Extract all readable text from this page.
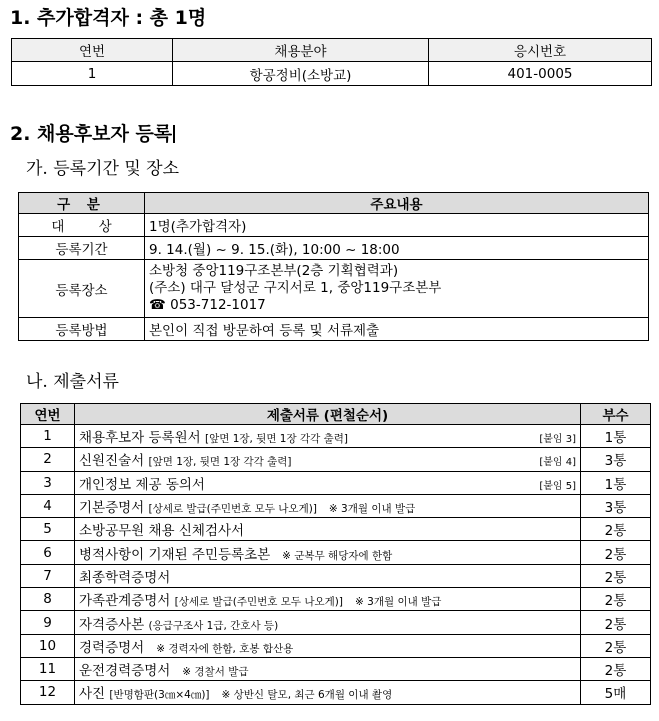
1. 추가합격자 : 총 1명
연번	채용분야	응시번호
1	항공정비(소방교)	401-0005
2. 채용후보자 등록
가. 등록기간 및 장소
구 분	주요내용
대 상	1명(추가합격자)
등록기간	9. 14.(월) ~ 9. 15.(화), 10:00 ~ 18:00
등록장소	소방청 중앙119구조본부(2층 기획협력과)
(주소) 대구 달성군 구지서로 1, 중앙119구조본부
☎ 053-712-1017

등록방법	본인이 직접 방문하여 등록 및 서류제출
나. 제출서류
연번	제출서류 (편철순서)	부수
1	채용후보자 등록원서 [앞면 1장, 뒷면 1장 각각 출력] [붙임 3]	1통
2	신원진술서 [앞면 1장, 뒷면 1장 각각 출력] [붙임 4]	3통
3	개인정보 제공 동의서 [붙임 5]	1통
4	기본증명서 [상세로 발급(주민번호 모두 나오게)] ※ 3개월 이내 발급	3통
5	소방공무원 채용 신체검사서	2통
6	병적사항이 기재된 주민등록초본 ※ 군복무 해당자에 한함	2통
7	최종학력증명서	2통
8	가족관계증명서 [상세로 발급(주민번호 모두 나오게)] ※ 3개월 이내 발급	2통
9	자격증사본 (응급구조사 1급, 간호사 등)	2통
10	경력증명서 ※ 경력자에 한함, 호봉 합산용	2통
11	운전경력증명서 ※ 경찰서 발급	2통
12	사진 [반명함판(3㎝×4㎝)] ※ 상반신 탈모, 최근 6개월 이내 촬영	5매
